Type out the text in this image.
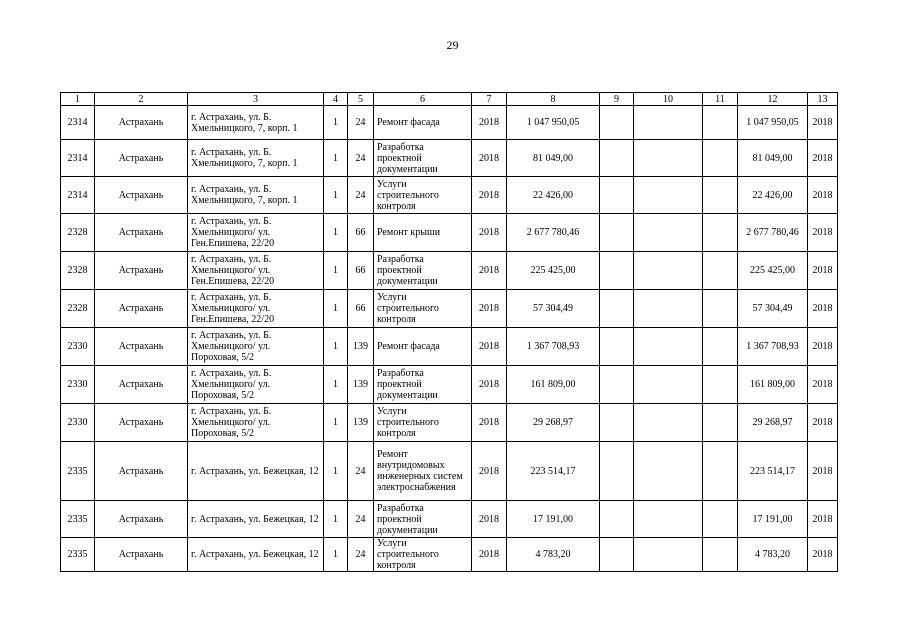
29
1	2	3	4	5	6	7	8	9	10	11	12	13
2314	Астрахань	г. Астрахань, ул. Б. Хмельницкого, 7, корп. 1	1	24	Ремонт фасада	2018	1 047 950,05				1 047 950,05	2018
2314	Астрахань	г. Астрахань, ул. Б. Хмельницкого, 7, корп. 1	1	24	Разработка проектной документации	2018	81 049,00				81 049,00	2018
2314	Астрахань	г. Астрахань, ул. Б. Хмельницкого, 7, корп. 1	1	24	Услуги строительного контроля	2018	22 426,00				22 426,00	2018
2328	Астрахань	г. Астрахань, ул. Б. Хмельницкого/ ул. Ген.Епишева, 22/20	1	66	Ремонт крыши	2018	2 677 780,46				2 677 780,46	2018
2328	Астрахань	г. Астрахань, ул. Б. Хмельницкого/ ул. Ген.Епишева, 22/20	1	66	Разработка проектной документации	2018	225 425,00				225 425,00	2018
2328	Астрахань	г. Астрахань, ул. Б. Хмельницкого/ ул. Ген.Епишева, 22/20	1	66	Услуги строительного контроля	2018	57 304,49				57 304,49	2018
2330	Астрахань	г. Астрахань, ул. Б. Хмельницкого/ ул. Пороховая, 5/2	1	139	Ремонт фасада	2018	1 367 708,93				1 367 708,93	2018
2330	Астрахань	г. Астрахань, ул. Б. Хмельницкого/ ул. Пороховая, 5/2	1	139	Разработка проектной документации	2018	161 809,00				161 809,00	2018
2330	Астрахань	г. Астрахань, ул. Б. Хмельницкого/ ул. Пороховая, 5/2	1	139	Услуги строительного контроля	2018	29 268,97				29 268,97	2018
2335	Астрахань	г. Астрахань, ул. Бежецкая, 12	1	24	Ремонт внутридомовых инженерных систем электроснабжения	2018	223 514,17				223 514,17	2018
2335	Астрахань	г. Астрахань, ул. Бежецкая, 12	1	24	Разработка проектной документации	2018	17 191,00				17 191,00	2018
2335	Астрахань	г. Астрахань, ул. Бежецкая, 12	1	24	Услуги строительного контроля	2018	4 783,20				4 783,20	2018
